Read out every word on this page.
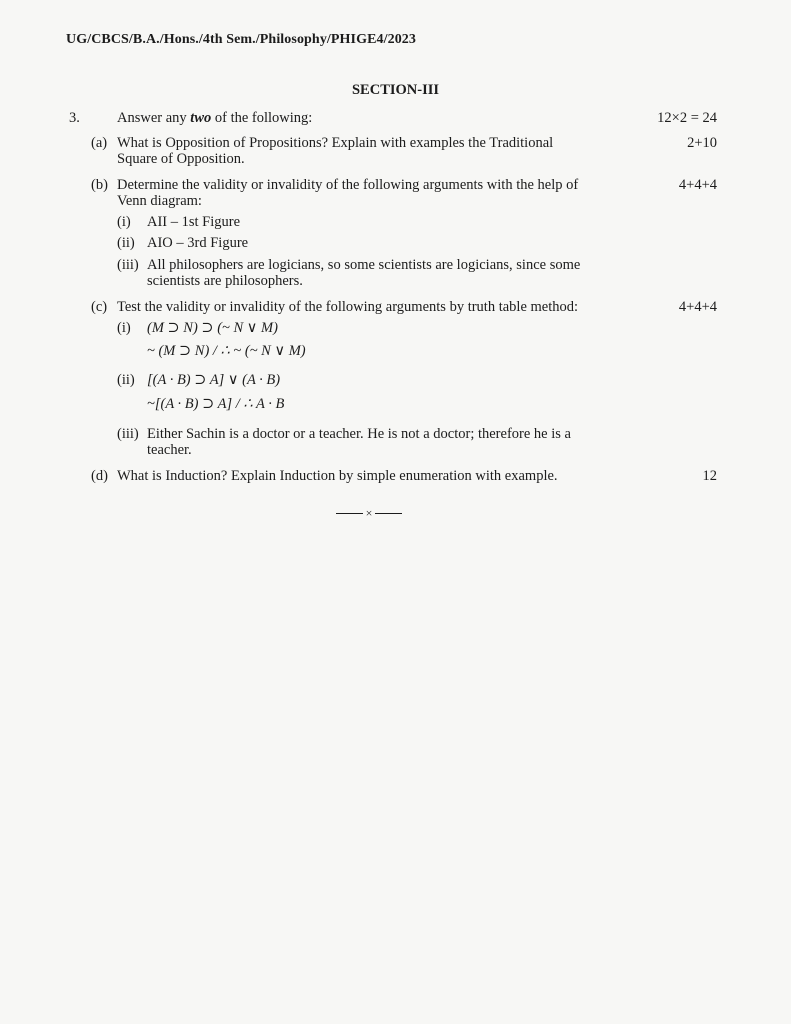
UG/CBCS/B.A./Hons./4th Sem./Philosophy/PHIGE4/2023
SECTION-III
3.	Answer any two of the following:	12×2 = 24
(a) What is Opposition of Propositions? Explain with examples the Traditional
Square of Opposition.
2+10
(b) Determine the validity or invalidity of the following arguments with the help of
Venn diagram:
4+4+4
(i) AII – 1st Figure
(ii) AIO – 3rd Figure
(iii) All philosophers are logicians, so some scientists are logicians, since some
scientists are philosophers.
(c) Test the validity or invalidity of the following arguments by truth table method:	4+4+4
(i) (M ⊃ N) ⊃ (~ N ∨ M)
~ (M ⊃ N) / ∴ ~ (~ N ∨ M)
(ii) [(A · B) ⊃ A] ∨ (A · B)
~[(A · B) ⊃ A] / ∴ A · B
(iii) Either Sachin is a doctor or a teacher. He is not a doctor; therefore he is a
teacher.
(d) What is Induction? Explain Induction by simple enumeration with example.	12
×
